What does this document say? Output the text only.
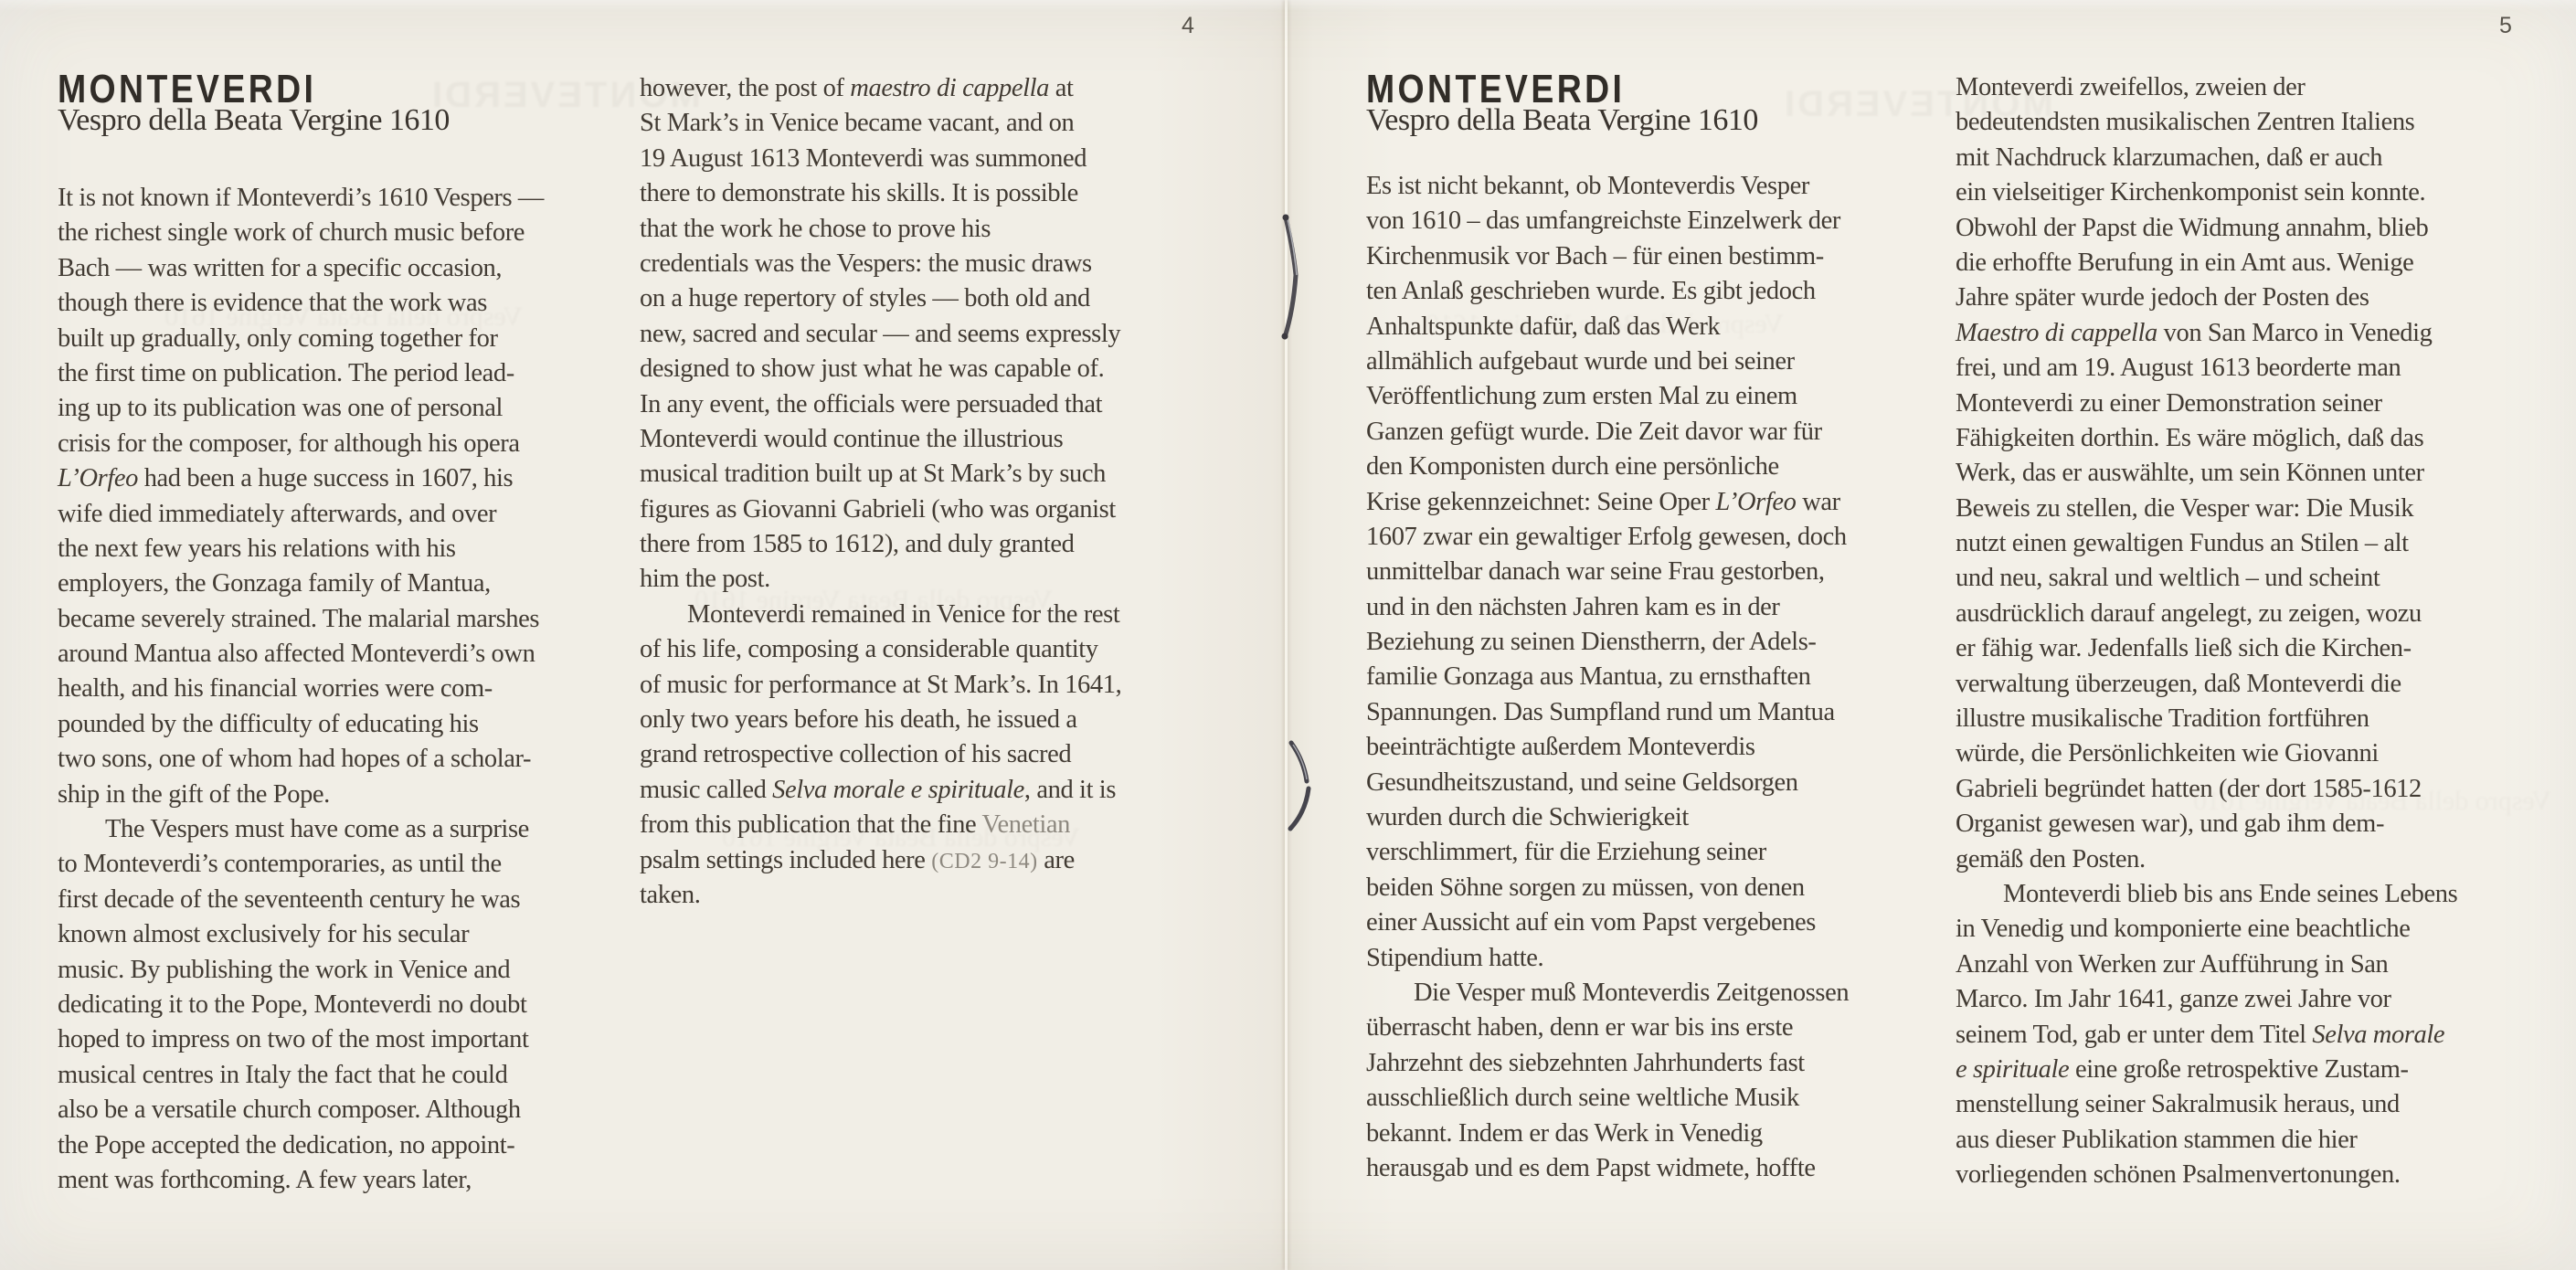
4	5
MONTEVERDI
Vespro della Beata Vergine 1610
MONTEVERDI
Vespro della Beata Vergine 1610
It is not known if Monteverdi’s 1610 Vespers —
the richest single work of church music before
Bach — was written for a specific occasion,
though there is evidence that the work was
built up gradually, only coming together for
the first time on publication. The period lead-
ing up to its publication was one of personal
crisis for the composer, for although his opera
L’Orfeo had been a huge success in 1607, his
wife died immediately afterwards, and over
the next few years his relations with his
employers, the Gonzaga family of Mantua,
became severely strained. The malarial marshes
around Mantua also affected Monteverdi’s own
health, and his financial worries were com-
pounded by the difficulty of educating his
two sons, one of whom had hopes of a scholar-
ship in the gift of the Pope.
The Vespers must have come as a surprise
to Monteverdi’s contemporaries, as until the
first decade of the seventeenth century he was
known almost exclusively for his secular
music. By publishing the work in Venice and
dedicating it to the Pope, Monteverdi no doubt
hoped to impress on two of the most important
musical centres in Italy the fact that he could
also be a versatile church composer. Although
the Pope accepted the dedication, no appoint-
ment was forthcoming. A few years later,
however, the post of maestro di cappella at
St Mark’s in Venice became vacant, and on
19 August 1613 Monteverdi was summoned
there to demonstrate his skills. It is possible
that the work he chose to prove his
credentials was the Vespers: the music draws
on a huge repertory of styles — both old and
new, sacred and secular — and seems expressly
designed to show just what he was capable of.
In any event, the officials were persuaded that
Monteverdi would continue the illustrious
musical tradition built up at St Mark’s by such
figures as Giovanni Gabrieli (who was organist
there from 1585 to 1612), and duly granted
him the post.
Monteverdi remained in Venice for the rest
of his life, composing a considerable quantity
of music for performance at St Mark’s. In 1641,
only two years before his death, he issued a
grand retrospective collection of his sacred
music called Selva morale e spirituale, and it is
from this publication that the fine Venetian
psalm settings included here (CD2 9-14) are
taken.
Es ist nicht bekannt, ob Monteverdis Vesper
von 1610 – das umfangreichste Einzelwerk der
Kirchenmusik vor Bach – für einen bestimm-
ten Anlaß geschrieben wurde. Es gibt jedoch
Anhaltspunkte dafür, daß das Werk
allmählich aufgebaut wurde und bei seiner
Veröffentlichung zum ersten Mal zu einem
Ganzen gefügt wurde. Die Zeit davor war für
den Komponisten durch eine persönliche
Krise gekennzeichnet: Seine Oper L’Orfeo war
1607 zwar ein gewaltiger Erfolg gewesen, doch
unmittelbar danach war seine Frau gestorben,
und in den nächsten Jahren kam es in der
Beziehung zu seinen Dienstherrn, der Adels-
familie Gonzaga aus Mantua, zu ernsthaften
Spannungen. Das Sumpfland rund um Mantua
beeinträchtigte außerdem Monteverdis
Gesundheitszustand, und seine Geldsorgen
wurden durch die Schwierigkeit
verschlimmert, für die Erziehung seiner
beiden Söhne sorgen zu müssen, von denen
einer Aussicht auf ein vom Papst vergebenes
Stipendium hatte.
Die Vesper muß Monteverdis Zeitgenossen
überrascht haben, denn er war bis ins erste
Jahrzehnt des siebzehnten Jahrhunderts fast
ausschließlich durch seine weltliche Musik
bekannt. Indem er das Werk in Venedig
herausgab und es dem Papst widmete, hoffte
Monteverdi zweifellos, zweien der
bedeutendsten musikalischen Zentren Italiens
mit Nachdruck klarzumachen, daß er auch
ein vielseitiger Kirchenkomponist sein konnte.
Obwohl der Papst die Widmung annahm, blieb
die erhoffte Berufung in ein Amt aus. Wenige
Jahre später wurde jedoch der Posten des
Maestro di cappella von San Marco in Venedig
frei, und am 19. August 1613 beorderte man
Monteverdi zu einer Demonstration seiner
Fähigkeiten dorthin. Es wäre möglich, daß das
Werk, das er auswählte, um sein Können unter
Beweis zu stellen, die Vesper war: Die Musik
nutzt einen gewaltigen Fundus an Stilen – alt
und neu, sakral und weltlich – und scheint
ausdrücklich darauf angelegt, zu zeigen, wozu
er fähig war. Jedenfalls ließ sich die Kirchen-
verwaltung überzeugen, daß Monteverdi die
illustre musikalische Tradition fortführen
würde, die Persönlichkeiten wie Giovanni
Gabrieli begründet hatten (der dort 1585-1612
Organist gewesen war), und gab ihm dem-
gemäß den Posten.
Monteverdi blieb bis ans Ende seines Lebens
in Venedig und komponierte eine beachtliche
Anzahl von Werken zur Aufführung in San
Marco. Im Jahr 1641, ganze zwei Jahre vor
seinem Tod, gab er unter dem Titel Selva morale
e spirituale eine große retrospektive Zustam-
menstellung seiner Sakralmusik heraus, und
aus dieser Publikation stammen die hier
vorliegenden schönen Psalmenvertonungen.
